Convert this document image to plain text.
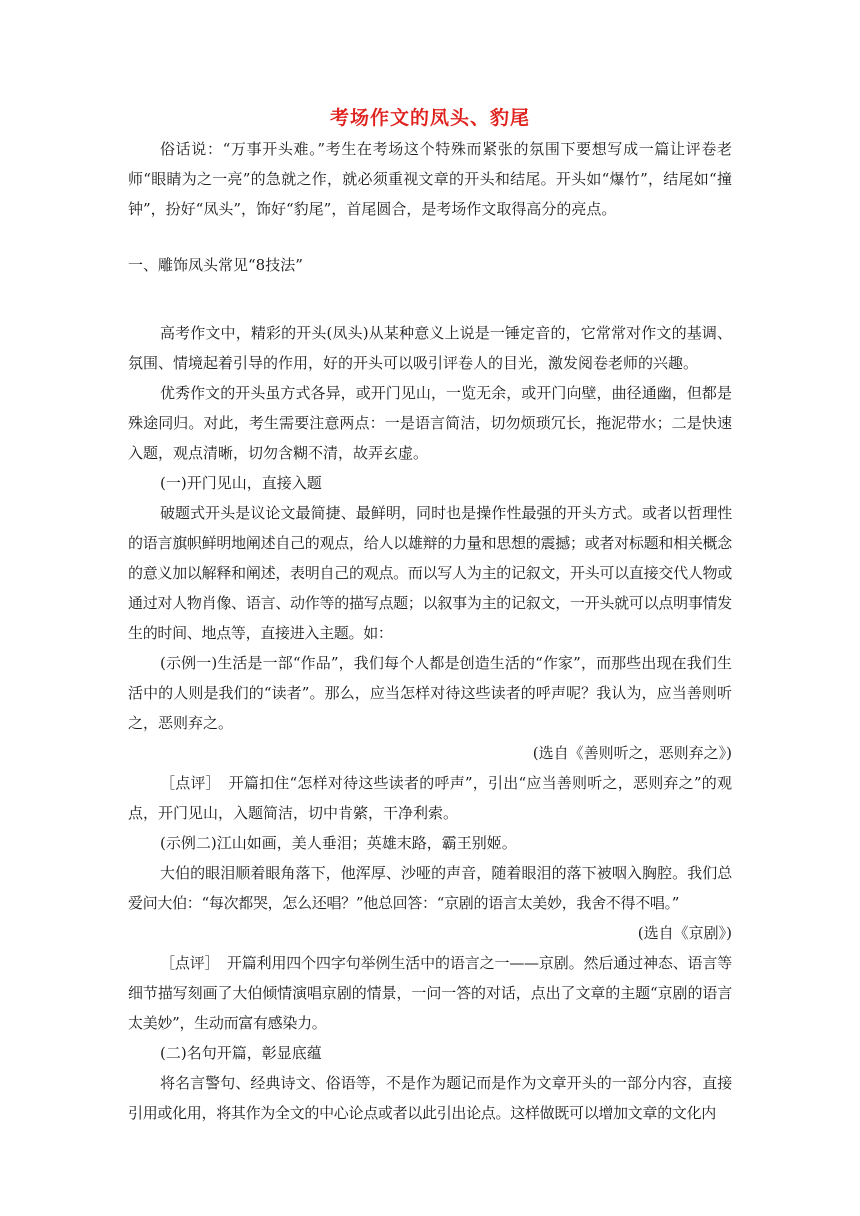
考场作文的凤头、豹尾

俗话说：“万事开头难。”考生在考场这个特殊而紧张的氛围下要想写成一篇让评卷老师“眼睛为之一亮”的急就之作，就必须重视文章的开头和结尾。开头如“爆竹”，结尾如“撞钟”，扮好“凤头”，饰好“豹尾”，首尾圆合，是考场作文取得高分的亮点。

一、雕饰凤头常见“8技法”

高考作文中，精彩的开头(凤头)从某种意义上说是一锤定音的，它常常对作文的基调、氛围、情境起着引导的作用，好的开头可以吸引评卷人的目光，激发阅卷老师的兴趣。

优秀作文的开头虽方式各异，或开门见山，一览无余，或开门向壁，曲径通幽，但都是殊途同归。对此，考生需要注意两点：一是语言简洁，切勿烦琐冗长，拖泥带水；二是快速入题，观点清晰，切勿含糊不清，故弄玄虚。

(一)开门见山，直接入题

破题式开头是议论文最简捷、最鲜明，同时也是操作性最强的开头方式。或者以哲理性的语言旗帜鲜明地阐述自己的观点，给人以雄辩的力量和思想的震撼；或者对标题和相关概念的意义加以解释和阐述，表明自己的观点。而以写人为主的记叙文，开头可以直接交代人物或通过对人物肖像、语言、动作等的描写点题；以叙事为主的记叙文，一开头就可以点明事情发生的时间、地点等，直接进入主题。如：

(示例一)生活是一部“作品”，我们每个人都是创造生活的“作家”，而那些出现在我们生活中的人则是我们的“读者”。那么，应当怎样对待这些读者的呼声呢？我认为，应当善则听之，恶则弃之。

(选自《善则听之，恶则弃之》)

［点评］　开篇扣住“怎样对待这些读者的呼声”，引出“应当善则听之，恶则弃之”的观点，开门见山，入题简洁，切中肯綮，干净利索。

(示例二)江山如画，美人垂泪；英雄末路，霸王别姬。

大伯的眼泪顺着眼角落下，他浑厚、沙哑的声音，随着眼泪的落下被咽入胸腔。我们总爱问大伯：“每次都哭，怎么还唱？”他总回答：“京剧的语言太美妙，我舍不得不唱。”

(选自《京剧》)

［点评］　开篇利用四个四字句举例生活中的语言之一——京剧。然后通过神态、语言等细节描写刻画了大伯倾情演唱京剧的情景，一问一答的对话，点出了文章的主题“京剧的语言太美妙”，生动而富有感染力。

(二)名句开篇，彰显底蕴

将名言警句、经典诗文、俗语等，不是作为题记而是作为文章开头的一部分内容，直接引用或化用，将其作为全文的中心论点或者以此引出论点。这样做既可以增加文章的文化内
